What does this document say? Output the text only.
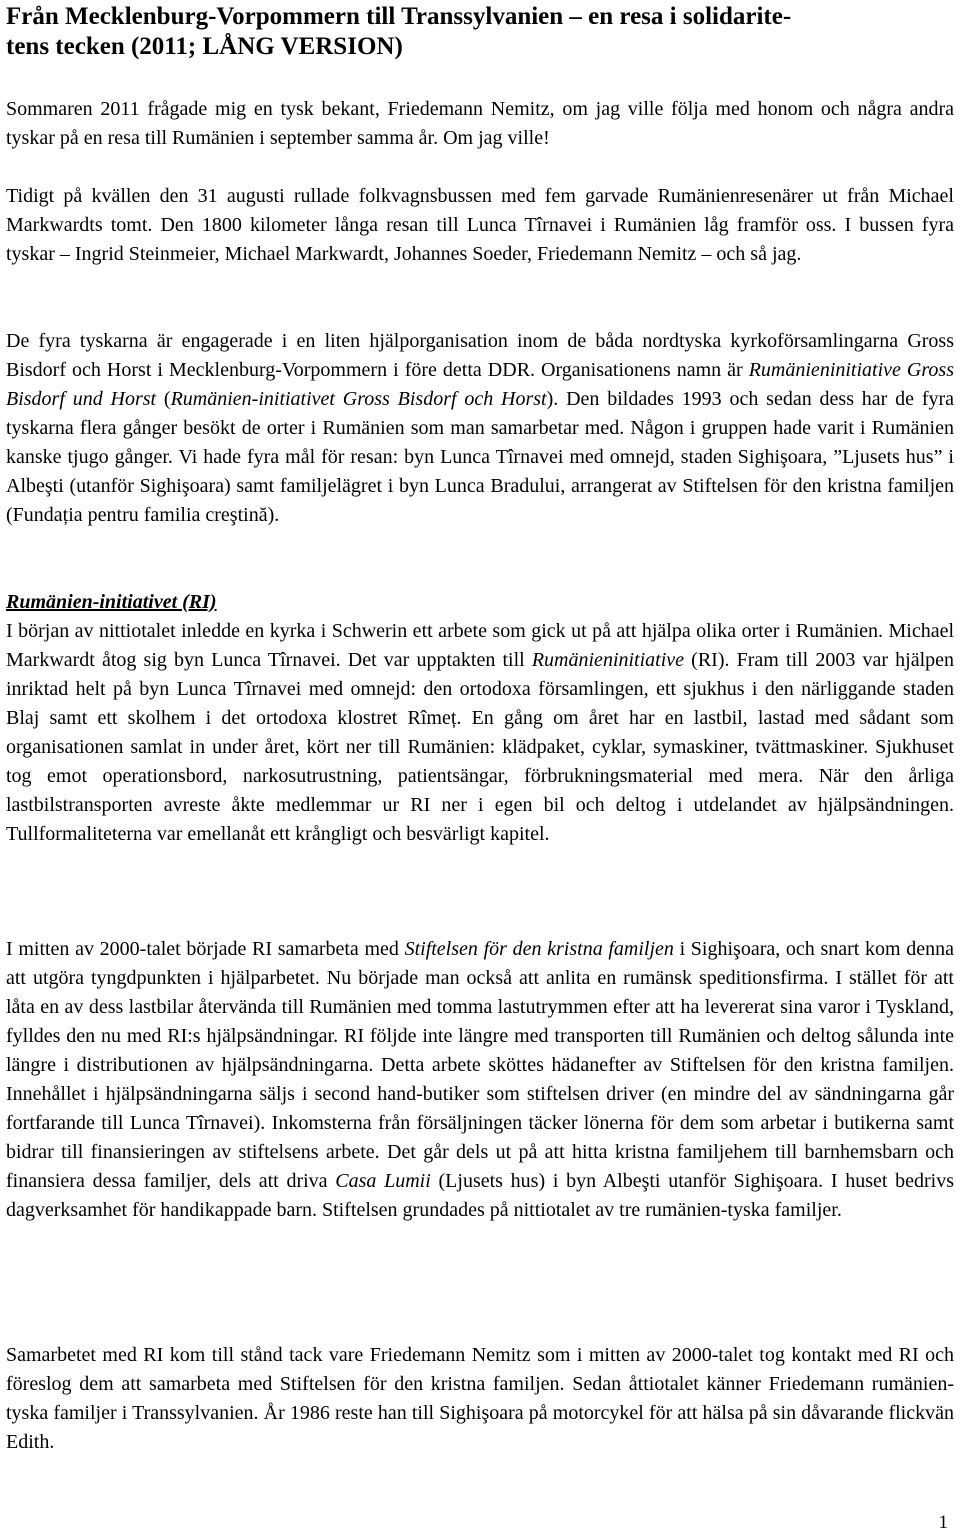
Från Mecklenburg-Vorpommern till Transsylvanien – en resa i solidarite-
tens tecken (2011; LÅNG VERSION)
Sommaren 2011 frågade mig en tysk bekant, Friedemann Nemitz, om jag ville följa med honom och några andra tyskar på en resa till Rumänien i september samma år. Om jag ville!
Tidigt på kvällen den 31 augusti rullade folkvagnsbussen med fem garvade Rumänienresenärer ut från Michael Markwardts tomt. Den 1800 kilometer långa resan till Lunca Tîrnavei i Rumänien låg framför oss. I bussen fyra tyskar – Ingrid Steinmeier, Michael Markwardt, Johannes Soeder, Friedemann Nemitz – och så jag.
De fyra tyskarna är engagerade i en liten hjälporganisation inom de båda nordtyska kyrkoförsamlingarna Gross Bisdorf och Horst i Mecklenburg-Vorpommern i före detta DDR. Organisationens namn är Rumänieninitiative Gross Bisdorf und Horst (Rumänien-initiativet Gross Bisdorf och Horst). Den bildades 1993 och sedan dess har de fyra tyskarna flera gånger besökt de orter i Rumänien som man samarbetar med. Någon i gruppen hade varit i Rumänien kanske tjugo gånger. Vi hade fyra mål för resan: byn Lunca Tîrnavei med omnejd, staden Sighişoara, ”Ljusets hus” i Albeşti (utanför Sighişoara) samt familjelägret i byn Lunca Bradului, arrangerat av Stiftelsen för den kristna familjen (Fundația pentru familia creştină).
Rumänien-initiativet (RI)
I början av nittiotalet inledde en kyrka i Schwerin ett arbete som gick ut på att hjälpa olika orter i Rumänien. Michael Markwardt åtog sig byn Lunca Tîrnavei. Det var upptakten till Rumänieninitiative (RI). Fram till 2003 var hjälpen inriktad helt på byn Lunca Tîrnavei med omnejd: den ortodoxa församlingen, ett sjukhus i den närliggande staden Blaj samt ett skolhem i det ortodoxa klostret Rîmeț. En gång om året har en lastbil, lastad med sådant som organisationen samlat in under året, kört ner till Rumänien: klädpaket, cyklar, symaskiner, tvättmaskiner. Sjukhuset tog emot operationsbord, narkosutrustning, patientsängar, förbrukningsmaterial med mera. När den årliga lastbilstransporten avreste åkte medlemmar ur RI ner i egen bil och deltog i utdelandet av hjälpsändningen. Tullformaliteterna var emellanåt ett krångligt och besvärligt kapitel.
I mitten av 2000-talet började RI samarbeta med Stiftelsen för den kristna familjen i Sighişoara, och snart kom denna att utgöra tyngdpunkten i hjälparbetet. Nu började man också att anlita en rumänsk speditionsfirma. I stället för att låta en av dess lastbilar återvända till Rumänien med tomma lastutrymmen efter att ha levererat sina varor i Tyskland, fylldes den nu med RI:s hjälpsändningar. RI följde inte längre med transporten till Rumänien och deltog sålunda inte längre i distributionen av hjälpsändningarna. Detta arbete sköttes hädanefter av Stiftelsen för den kristna familjen. Innehållet i hjälpsändningarna säljs i second hand-butiker som stiftelsen driver (en mindre del av sändningarna går fortfarande till Lunca Tîrnavei). Inkomsterna från försäljningen täcker lönerna för dem som arbetar i butikerna samt bidrar till finansieringen av stiftelsens arbete. Det går dels ut på att hitta kristna familjehem till barnhemsbarn och finansiera dessa familjer, dels att driva Casa Lumii (Ljusets hus) i byn Albeşti utanför Sighişoara. I huset bedrivs dagverksamhet för handikappade barn. Stiftelsen grundades på nittiotalet av tre rumänien-tyska familjer.
Samarbetet med RI kom till stånd tack vare Friedemann Nemitz som i mitten av 2000-talet tog kontakt med RI och föreslog dem att samarbeta med Stiftelsen för den kristna familjen. Sedan åttiotalet känner Friedemann rumänien-tyska familjer i Transsylvanien. År 1986 reste han till Sighişoara på motorcykel för att hälsa på sin dåvarande flickvän Edith.
1
